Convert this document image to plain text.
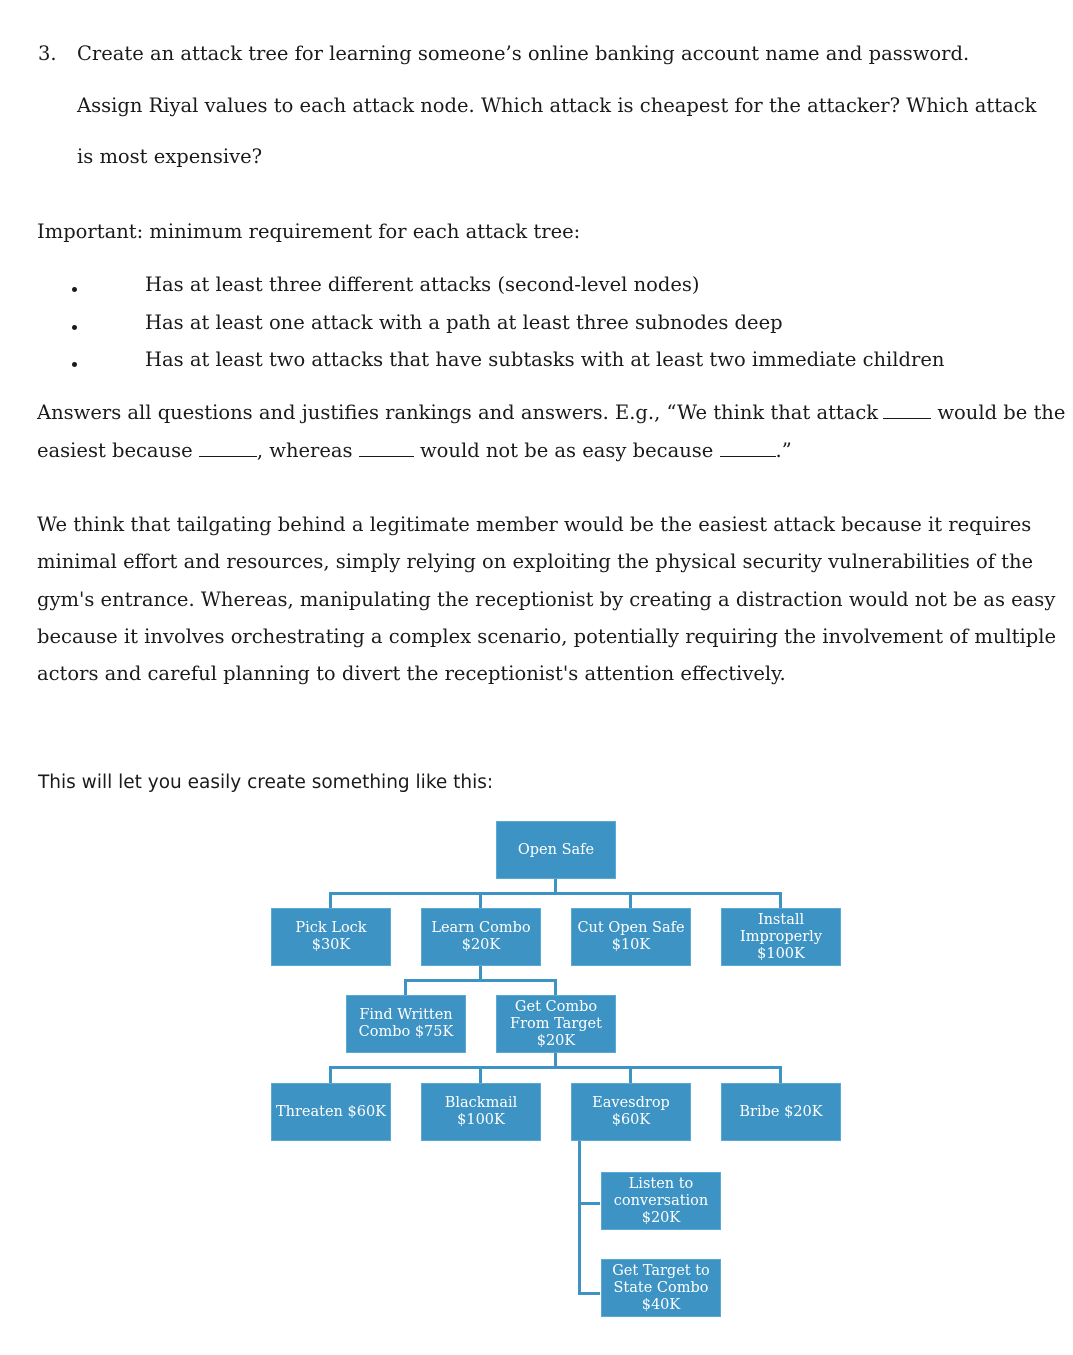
3. Create an attack tree for learning someone’s online banking account name and password.
Assign Riyal values to each attack node. Which attack is cheapest for the attacker? Which attack
is most expensive?
Important: minimum requirement for each attack tree:
Has at least three different attacks (second-level nodes)
Has at least one attack with a path at least three subnodes deep
Has at least two attacks that have subtasks with at least two immediate children
Answers all questions and justifies rankings and answers. E.g., “We think that attack	would be the
easiest because	, whereas	would not be as easy because	.”
We think that tailgating behind a legitimate member would be the easiest attack because it requires
minimal effort and resources, simply relying on exploiting the physical security vulnerabilities of the
gym's entrance. Whereas, manipulating the receptionist by creating a distraction would not be as easy
because it involves orchestrating a complex scenario, potentially requiring the involvement of multiple
actors and careful planning to divert the receptionist's attention effectively.
This will let you easily create something like this:
Open Safe
Pick Lock $30K
Learn Combo
$20K
Cut Open Safe
$10K
Install
Improperly
$100K
Find Written
Combo $75K
Get Combo
From Target
$20K
Threaten $60K
Blackmail
$100K
Eavesdrop
$60K
Bribe $20K
Listen to
conversation
$20K
Get Target to
State Combo
$40K
